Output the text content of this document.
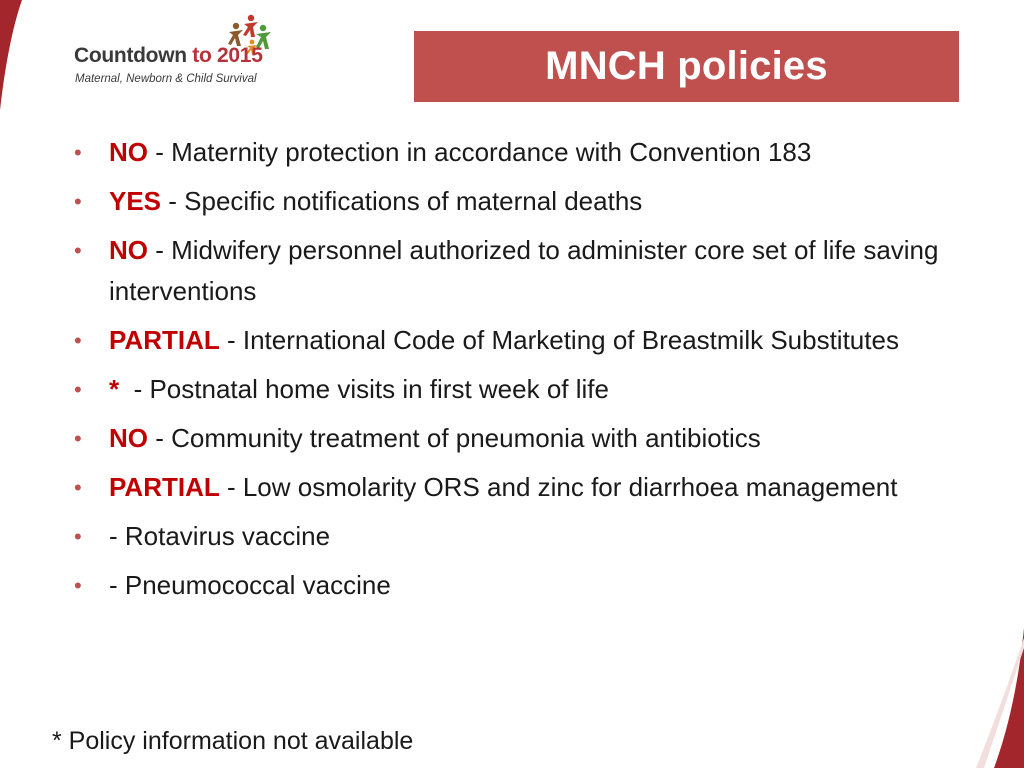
Countdown to 2015
Maternal, Newborn & Child Survival	MNCH policies
• NO - Maternity protection in accordance with Convention 183
• YES - Specific notifications of maternal deaths
• NO - Midwifery personnel authorized to administer core set of life saving interventions
• PARTIAL - International Code of Marketing of Breastmilk Substitutes
• *  - Postnatal home visits in first week of life
• NO - Community treatment of pneumonia with antibiotics
• PARTIAL - Low osmolarity ORS and zinc for diarrhoea management
• - Rotavirus vaccine
• - Pneumococcal vaccine
* Policy information not available
